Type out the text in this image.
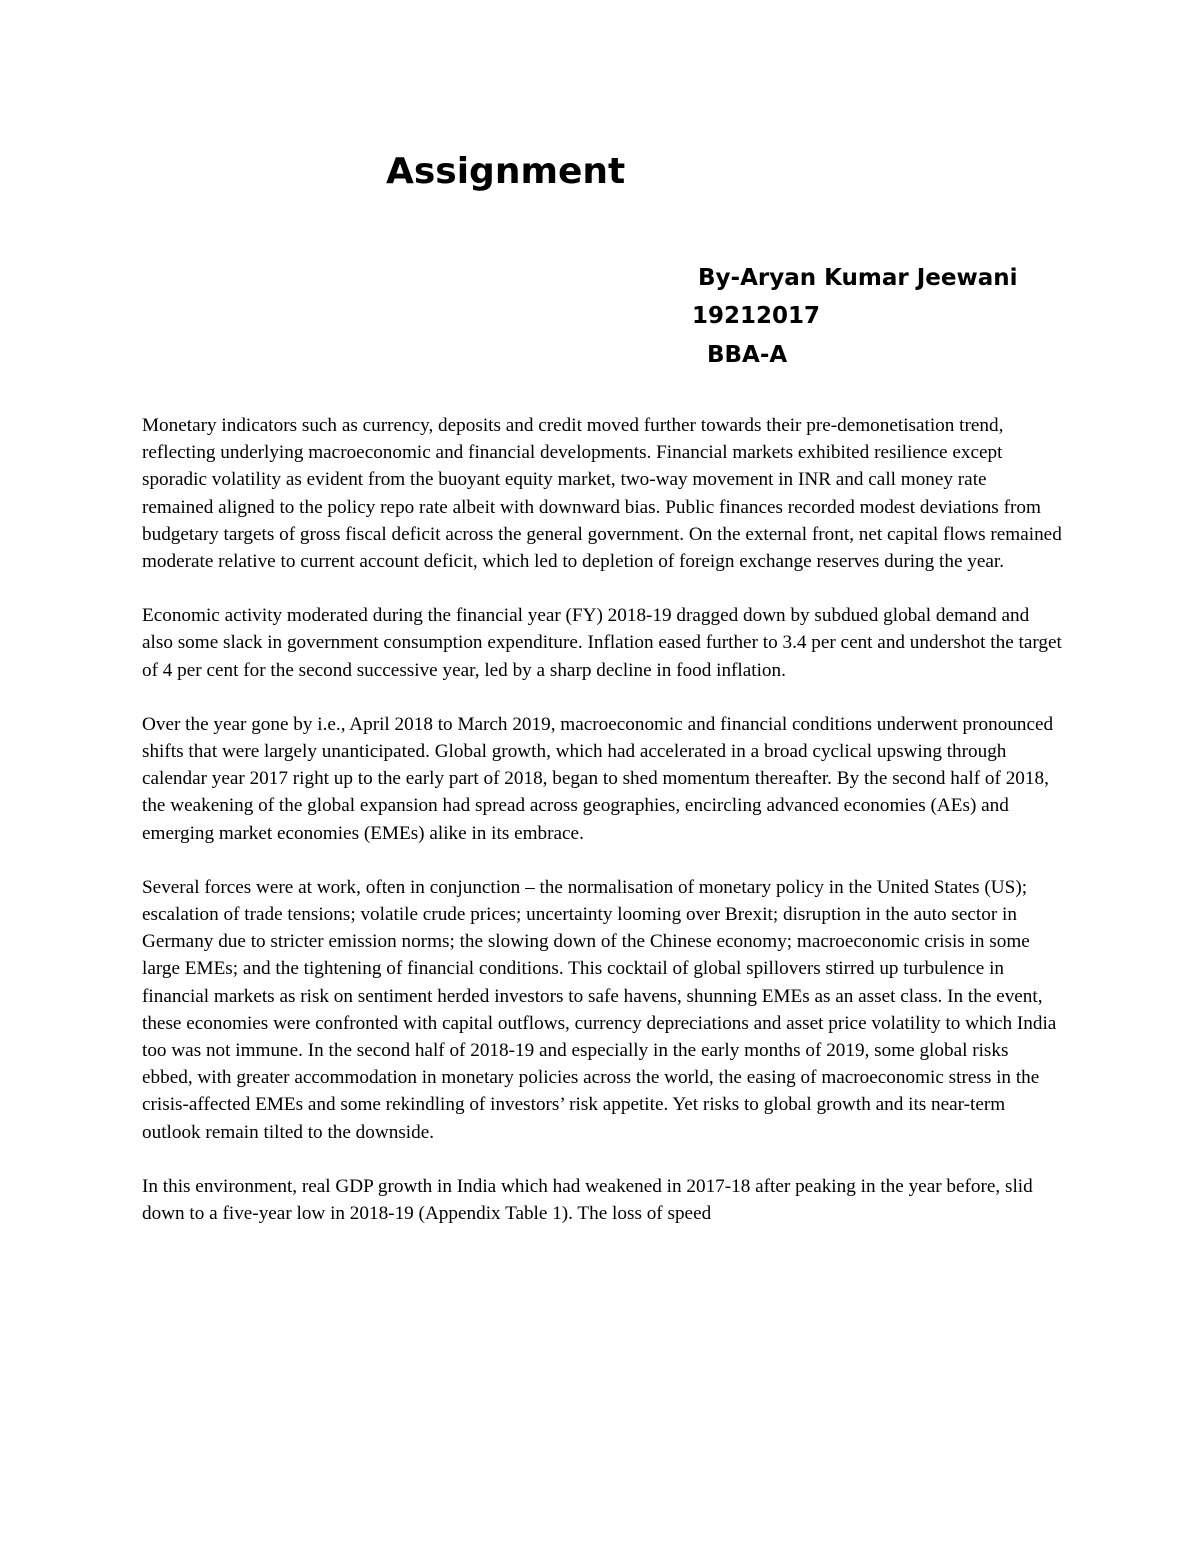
Assignment
By-Aryan Kumar Jeewani
19212017
BBA-A

Monetary indicators such as currency, deposits and credit moved further towards their pre-demonetisation trend, reflecting underlying macroeconomic and financial developments. Financial markets exhibited resilience except sporadic volatility as evident from the buoyant equity market, two-way movement in INR and call money rate remained aligned to the policy repo rate albeit with downward bias. Public finances recorded modest deviations from budgetary targets of gross fiscal deficit across the general government. On the external front, net capital flows remained moderate relative to current account deficit, which led to depletion of foreign exchange reserves during the year.

Economic activity moderated during the financial year (FY) 2018-19 dragged down by subdued global demand and also some slack in government consumption expenditure. Inflation eased further to 3.4 per cent and undershot the target of 4 per cent for the second successive year, led by a sharp decline in food inflation.

Over the year gone by i.e., April 2018 to March 2019, macroeconomic and financial conditions underwent pronounced shifts that were largely unanticipated. Global growth, which had accelerated in a broad cyclical upswing through calendar year 2017 right up to the early part of 2018, began to shed momentum thereafter. By the second half of 2018, the weakening of the global expansion had spread across geographies, encircling advanced economies (AEs) and emerging market economies (EMEs) alike in its embrace.

Several forces were at work, often in conjunction – the normalisation of monetary policy in the United States (US); escalation of trade tensions; volatile crude prices; uncertainty looming over Brexit; disruption in the auto sector in Germany due to stricter emission norms; the slowing down of the Chinese economy; macroeconomic crisis in some large EMEs; and the tightening of financial conditions. This cocktail of global spillovers stirred up turbulence in financial markets as risk on sentiment herded investors to safe havens, shunning EMEs as an asset class. In the event, these economies were confronted with capital outflows, currency depreciations and asset price volatility to which India too was not immune. In the second half of 2018-19 and especially in the early months of 2019, some global risks ebbed, with greater accommodation in monetary policies across the world, the easing of macroeconomic stress in the crisis-affected EMEs and some rekindling of investors’ risk appetite. Yet risks to global growth and its near-term outlook remain tilted to the downside.

In this environment, real GDP growth in India which had weakened in 2017-18 after peaking in the year before, slid down to a five-year low in 2018-19 (Appendix Table 1). The loss of speed
